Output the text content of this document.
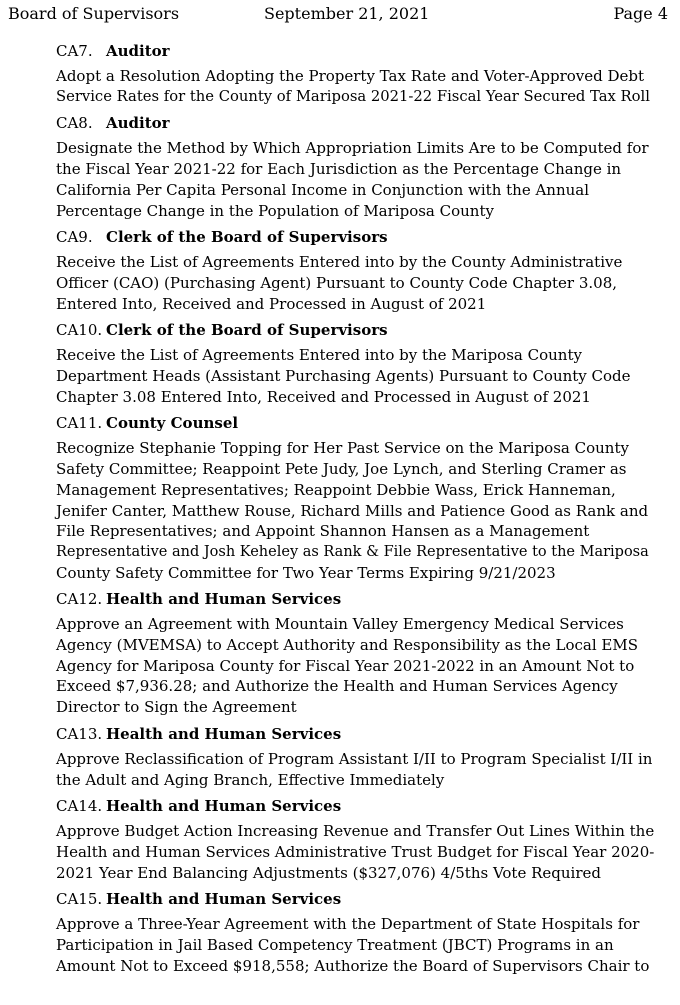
Board of Supervisors	September 21, 2021	Page 4
CA7. Auditor
Adopt a Resolution Adopting the Property Tax Rate and Voter-Approved Debt
Service Rates for the County of Mariposa 2021-22 Fiscal Year Secured Tax Roll
CA8. Auditor
Designate the Method by Which Appropriation Limits Are to be Computed for
the Fiscal Year 2021-22 for Each Jurisdiction as the Percentage Change in
California Per Capita Personal Income in Conjunction with the Annual
Percentage Change in the Population of Mariposa County
CA9. Clerk of the Board of Supervisors
Receive the List of Agreements Entered into by the County Administrative
Officer (CAO) (Purchasing Agent) Pursuant to County Code Chapter 3.08,
Entered Into, Received and Processed in August of 2021
CA10. Clerk of the Board of Supervisors
Receive the List of Agreements Entered into by the Mariposa County
Department Heads (Assistant Purchasing Agents) Pursuant to County Code
Chapter 3.08 Entered Into, Received and Processed in August of 2021
CA11. County Counsel
Recognize Stephanie Topping for Her Past Service on the Mariposa County
Safety Committee; Reappoint Pete Judy, Joe Lynch, and Sterling Cramer as
Management Representatives; Reappoint Debbie Wass, Erick Hanneman,
Jenifer Canter, Matthew Rouse, Richard Mills and Patience Good as Rank and
File Representatives; and Appoint Shannon Hansen as a Management
Representative and Josh Keheley as Rank & File Representative to the Mariposa
County Safety Committee for Two Year Terms Expiring 9/21/2023
CA12. Health and Human Services
Approve an Agreement with Mountain Valley Emergency Medical Services
Agency (MVEMSA) to Accept Authority and Responsibility as the Local EMS
Agency for Mariposa County for Fiscal Year 2021-2022 in an Amount Not to
Exceed $7,936.28; and Authorize the Health and Human Services Agency
Director to Sign the Agreement
CA13. Health and Human Services
Approve Reclassification of Program Assistant I/II to Program Specialist I/II in
the Adult and Aging Branch, Effective Immediately
CA14. Health and Human Services
Approve Budget Action Increasing Revenue and Transfer Out Lines Within the
Health and Human Services Administrative Trust Budget for Fiscal Year 2020-
2021 Year End Balancing Adjustments ($327,076) 4/5ths Vote Required
CA15. Health and Human Services
Approve a Three-Year Agreement with the Department of State Hospitals for
Participation in Jail Based Competency Treatment (JBCT) Programs in an
Amount Not to Exceed $918,558; Authorize the Board of Supervisors Chair to
